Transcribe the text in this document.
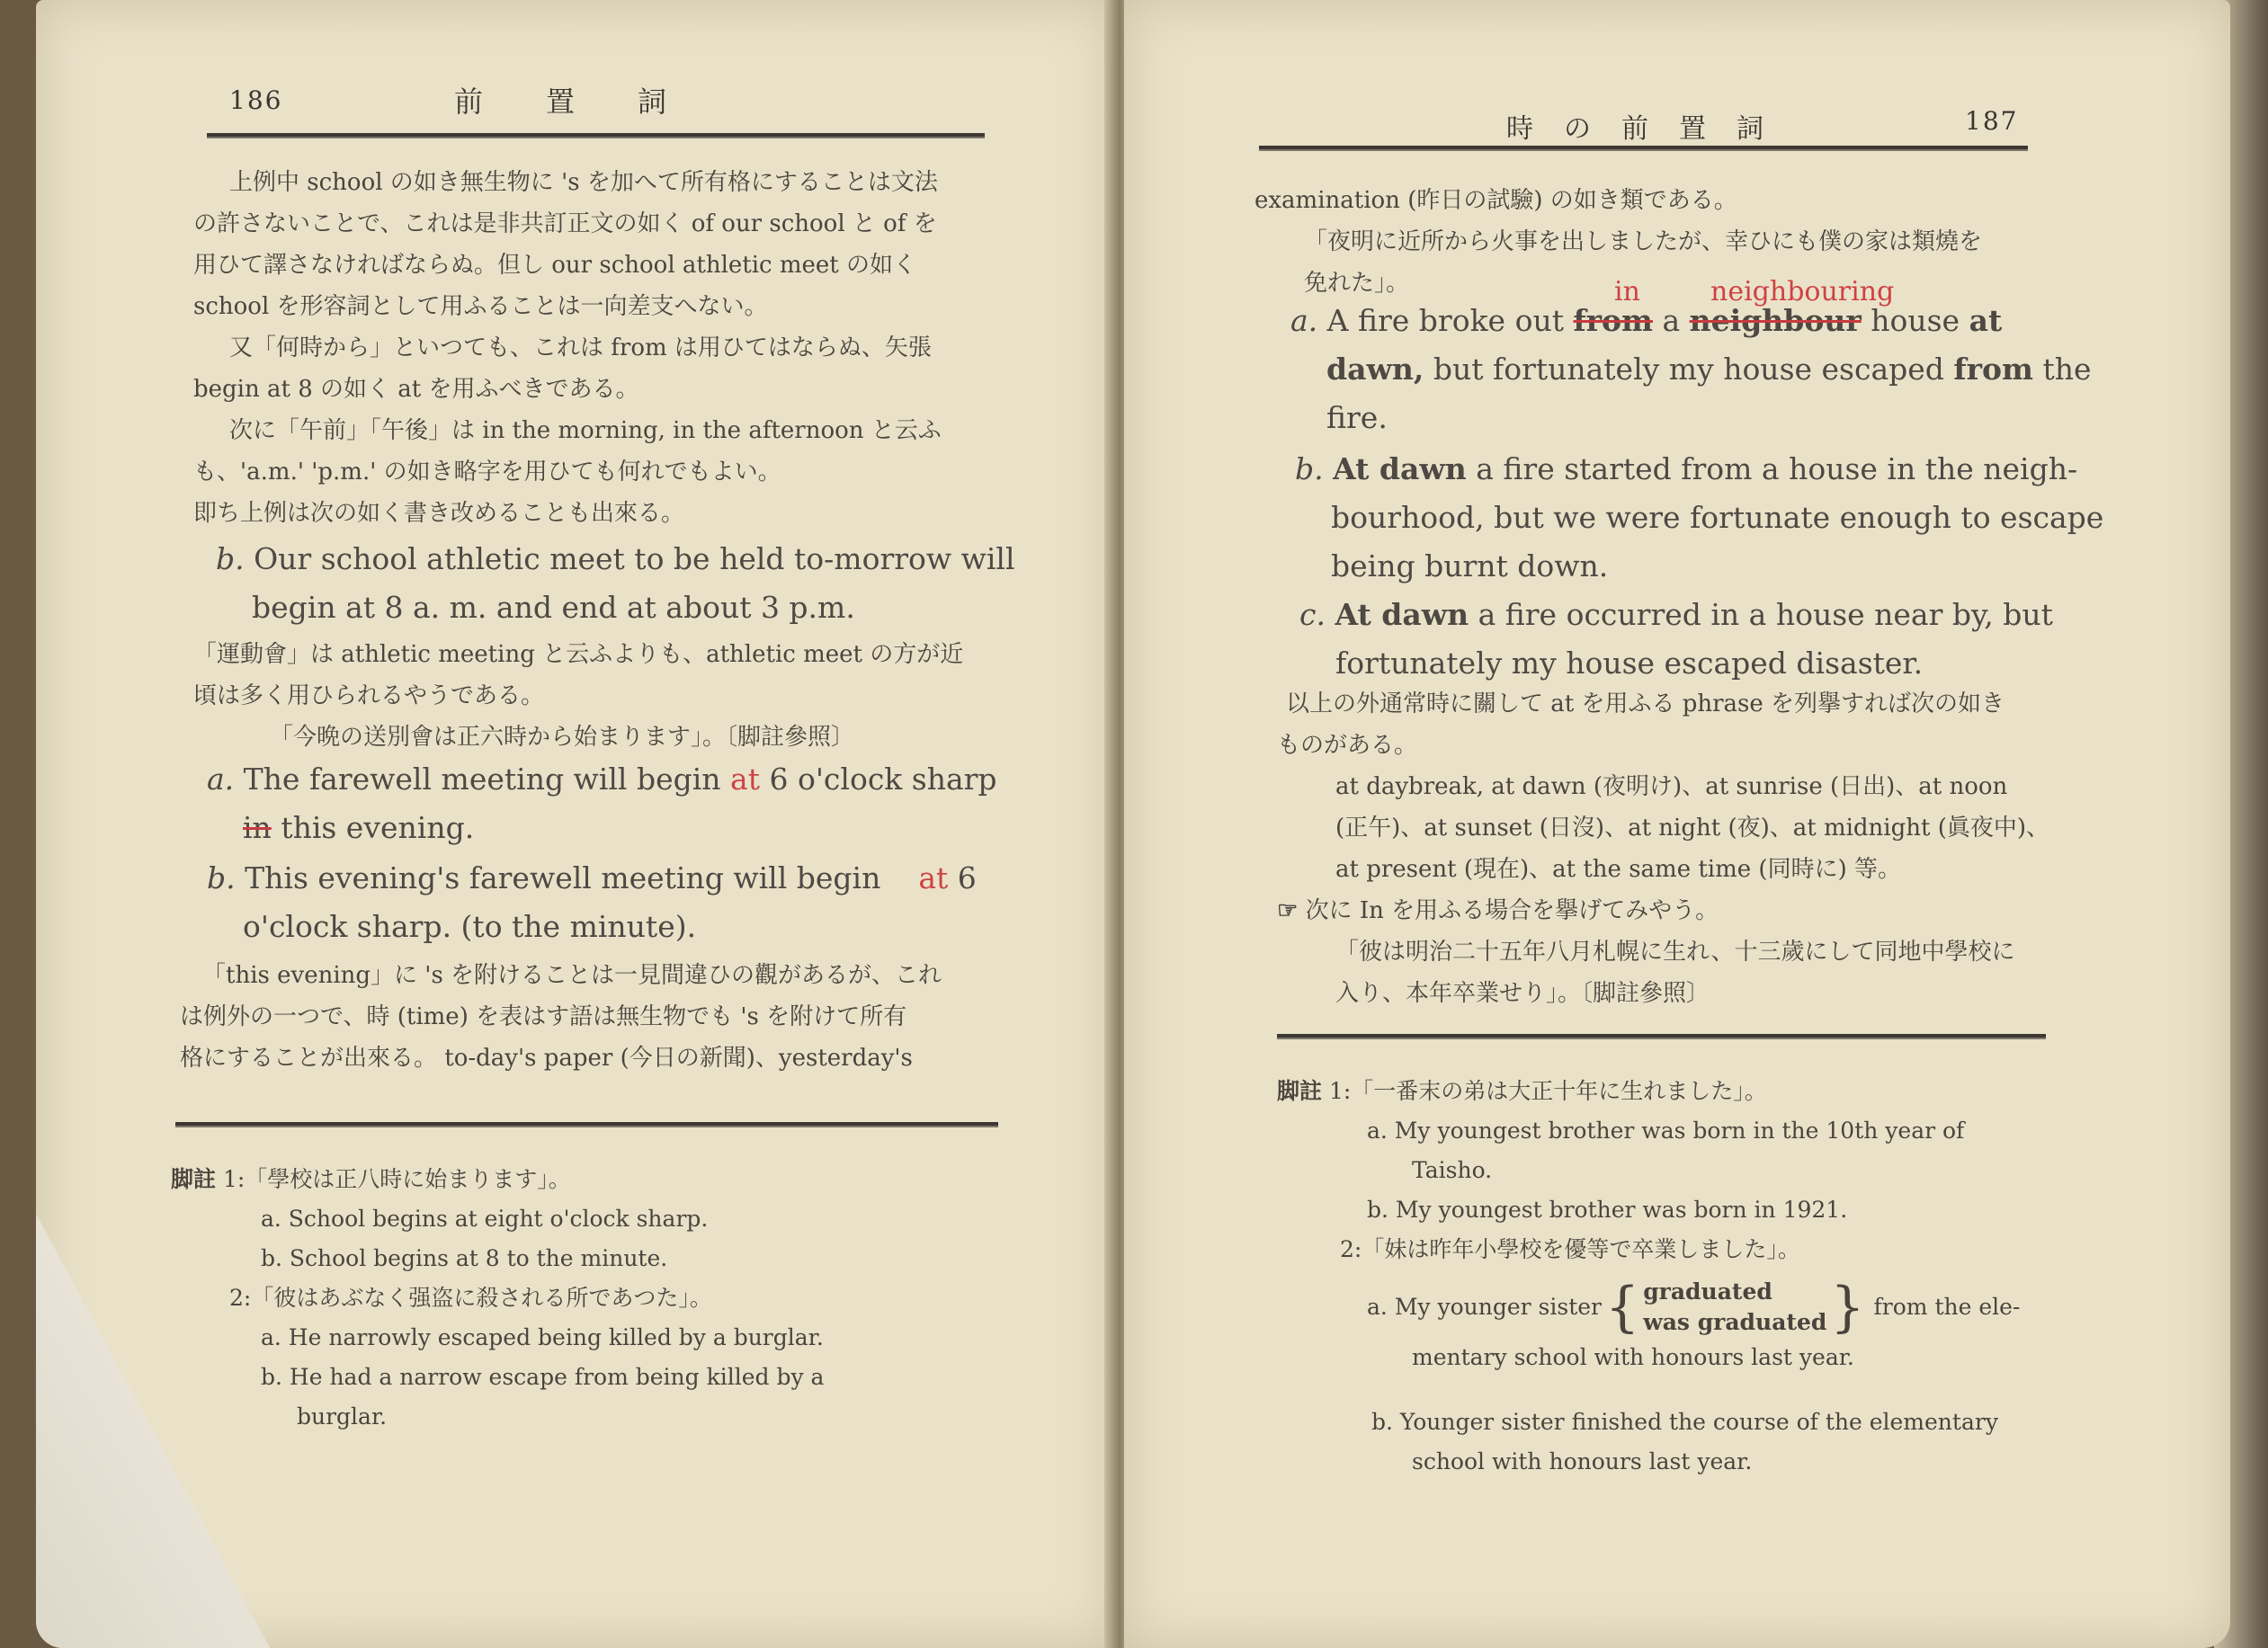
186	前　　置　　詞

上例中 school の如き無生物に 's を加へて所有格にすることは文法

の許さないことで、これは是非共訂正文の如く of our school と of を

用ひて譯さなければならぬ。但し our school athletic meet の如く

school を形容詞として用ふることは一向差支へない。

又「何時から」といつても、これは from は用ひてはならぬ、矢張

begin at 8 の如く at を用ふべきである。

次に「午前」「午後」は in the morning, in the afternoon と云ふ

も、'a.m.' 'p.m.' の如き略字を用ひても何れでもよい。

即ち上例は次の如く書き改めることも出來る。

b. Our school athletic meet to be held to-morrow will

begin at 8 a. m. and end at about 3 p.m.

「運動會」は athletic meeting と云ふよりも、athletic meet の方が近

頃は多く用ひられるやうである。

「今晩の送別會は正六時から始まります」。〔脚註參照〕

a. The farewell meeting will begin at 6 o'clock sharp

in this evening.

b. This evening's farewell meeting will begin at 6

o'clock sharp. (to the minute).

「this evening」に 's を附けることは一見間違ひの觀があるが、これ

は例外の一つで、時 (time) を表はす語は無生物でも 's を附けて所有

格にすることが出來る。 to-day's paper (今日の新聞)、yesterday's

脚註 1:「學校は正八時に始まります」。

a. School begins at eight o'clock sharp.

b. School begins at 8 to the minute.

2:「彼はあぶなく强盗に殺される所であつた」。

a. He narrowly escaped being killed by a burglar.

b. He had a narrow escape from being killed by a

burglar.

時　の　前　置　詞	187

examination (昨日の試驗) の如き類である。

「夜明に近所から火事を出しましたが、幸ひにも僕の家は類燒を

免れた」。	in	neighbouring

a. A fire broke out from a neighbour house at

dawn, but fortunately my house escaped from the

fire.

b. At dawn a fire started from a house in the neigh-

bourhood, but we were fortunate enough to escape

being burnt down.

c. At dawn a fire occurred in a house near by, but

fortunately my house escaped disaster.

以上の外通常時に關して at を用ふる phrase を列擧すれば次の如き

ものがある。

at daybreak, at dawn (夜明け)、at sunrise (日出)、at noon

(正午)、at sunset (日沒)、at night (夜)、at midnight (眞夜中)、

at present (現在)、at the same time (同時に) 等。

☞ 次に In を用ふる場合を擧げてみやう。

「彼は明治二十五年八月札幌に生れ、十三歲にして同地中學校に

入り、本年卒業せり」。〔脚註參照〕

脚註 1:「一番末の弟は大正十年に生れました」。

a. My youngest brother was born in the 10th year of

Taisho.

b. My youngest brother was born in 1921.

2:「妹は昨年小學校を優等で卒業しました」。

a.
My younger sister { graduated
was graduated } from the ele-

mentary school with honours last year.

b. Younger sister finished the course of the elementary

school with honours last year.
